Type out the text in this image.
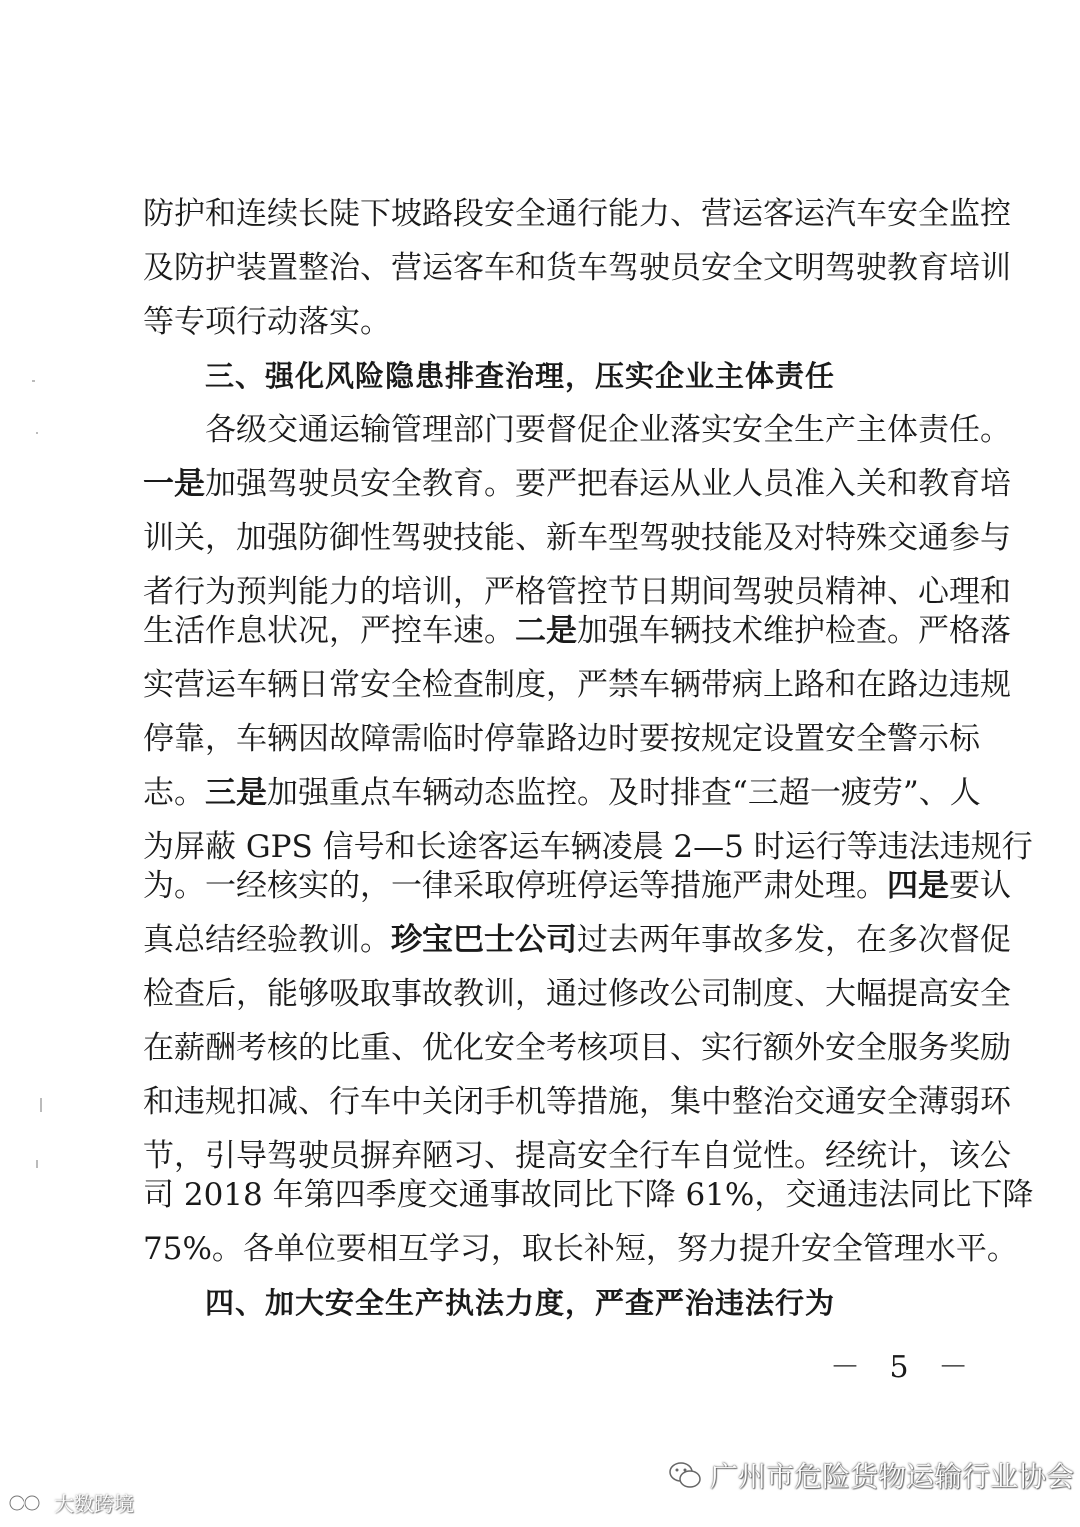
防护和连续长陡下坡路段安全通行能力、营运客运汽车安全监控
及防护装置整治、营运客车和货车驾驶员安全文明驾驶教育培训
等专项行动落实。
三、强化风险隐患排查治理，压实企业主体责任
各级交通运输管理部门要督促企业落实安全生产主体责任。
一是加强驾驶员安全教育。要严把春运从业人员准入关和教育培
训关，加强防御性驾驶技能、新车型驾驶技能及对特殊交通参与
者行为预判能力的培训，严格管控节日期间驾驶员精神、心理和
生活作息状况，严控车速。二是加强车辆技术维护检查。严格落
实营运车辆日常安全检查制度，严禁车辆带病上路和在路边违规
停靠，车辆因故障需临时停靠路边时要按规定设置安全警示标
志。三是加强重点车辆动态监控。及时排查“三超一疲劳”、人
为屏蔽 GPS 信号和长途客运车辆凌晨 2—5 时运行等违法违规行
为。一经核实的，一律采取停班停运等措施严肃处理。四是要认
真总结经验教训。珍宝巴士公司过去两年事故多发，在多次督促
检查后，能够吸取事故教训，通过修改公司制度、大幅提高安全
在薪酬考核的比重、优化安全考核项目、实行额外安全服务奖励
和违规扣减、行车中关闭手机等措施，集中整治交通安全薄弱环
节，引导驾驶员摒弃陋习、提高安全行车自觉性。经统计，该公
司 2018 年第四季度交通事故同比下降 61%，交通违法同比下降
75%。各单位要相互学习，取长补短，努力提升安全管理水平。
四、加大安全生产执法力度，严查严治违法行为
－ 5 －
广州市危险货物运输行业协会
大数跨境
